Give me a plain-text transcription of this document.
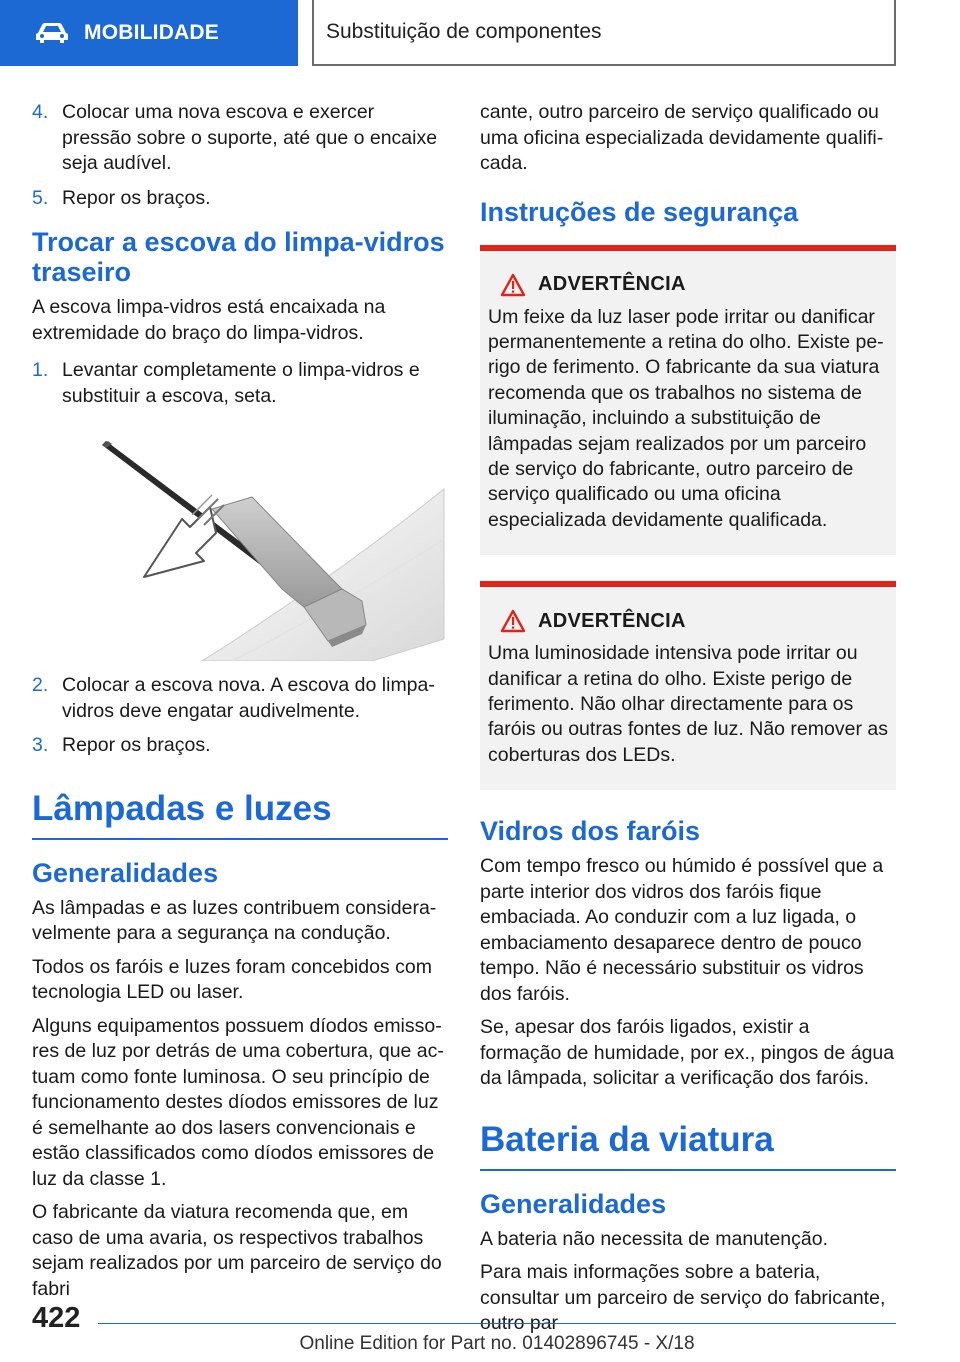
MOBILIDADE	Substituição de componentes
4. Colocar uma nova escova e exercer pressão sobre o suporte, até que o encaixe seja audível.
5. Repor os braços.
Trocar a escova do limpa-vidros traseiro

A escova limpa-vidros está encaixada na extremidade do braço do limpa-vidros.

1. Levantar completamente o limpa-vidros e substituir a escova, seta.
2. Colocar a escova nova. A escova do limpa-vidros deve engatar audivelmente.
3. Repor os braços.
Lâmpadas e luzes
Generalidades

As lâmpadas e as luzes contribuem consideravelmente para a segurança na condução.

Todos os faróis e luzes foram concebidos com tecnologia LED ou laser.

Alguns equipamentos possuem díodos emissores de luz por detrás de uma cobertura, que actuam como fonte luminosa. O seu princípio de funcionamento destes díodos emissores de luz é semelhante ao dos lasers convencionais e estão classificados como díodos emissores de luz da classe 1.

O fabricante da viatura recomenda que, em caso de uma avaria, os respectivos trabalhos sejam realizados por um parceiro de serviço do fabri

cante, outro parceiro de serviço qualificado ou uma oficina especializada devidamente qualificada.

Instruções de segurança
ADVERTÊNCIA

Um feixe da luz laser pode irritar ou danificar permanentemente a retina do olho. Existe perigo de ferimento. O fabricante da sua viatura recomenda que os trabalhos no sistema de iluminação, incluindo a substituição de lâmpadas sejam realizados por um parceiro de serviço do fabricante, outro parceiro de serviço qualificado ou uma oficina especializada devidamente qualificada.

ADVERTÊNCIA

Uma luminosidade intensiva pode irritar ou danificar a retina do olho. Existe perigo de ferimento. Não olhar directamente para os faróis ou outras fontes de luz. Não remover as coberturas dos LEDs.

Vidros dos faróis

Com tempo fresco ou húmido é possível que a parte interior dos vidros dos faróis fique embaciada. Ao conduzir com a luz ligada, o embaciamento desaparece dentro de pouco tempo. Não é necessário substituir os vidros dos faróis.

Se, apesar dos faróis ligados, existir a formação de humidade, por ex., pingos de água da lâmpada, solicitar a verificação dos faróis.

Bateria da viatura
Generalidades

A bateria não necessita de manutenção.

Para mais informações sobre a bateria, consultar um parceiro de serviço do fabricante, outro par

422
Online Edition for Part no. 01402896745 - X/18
